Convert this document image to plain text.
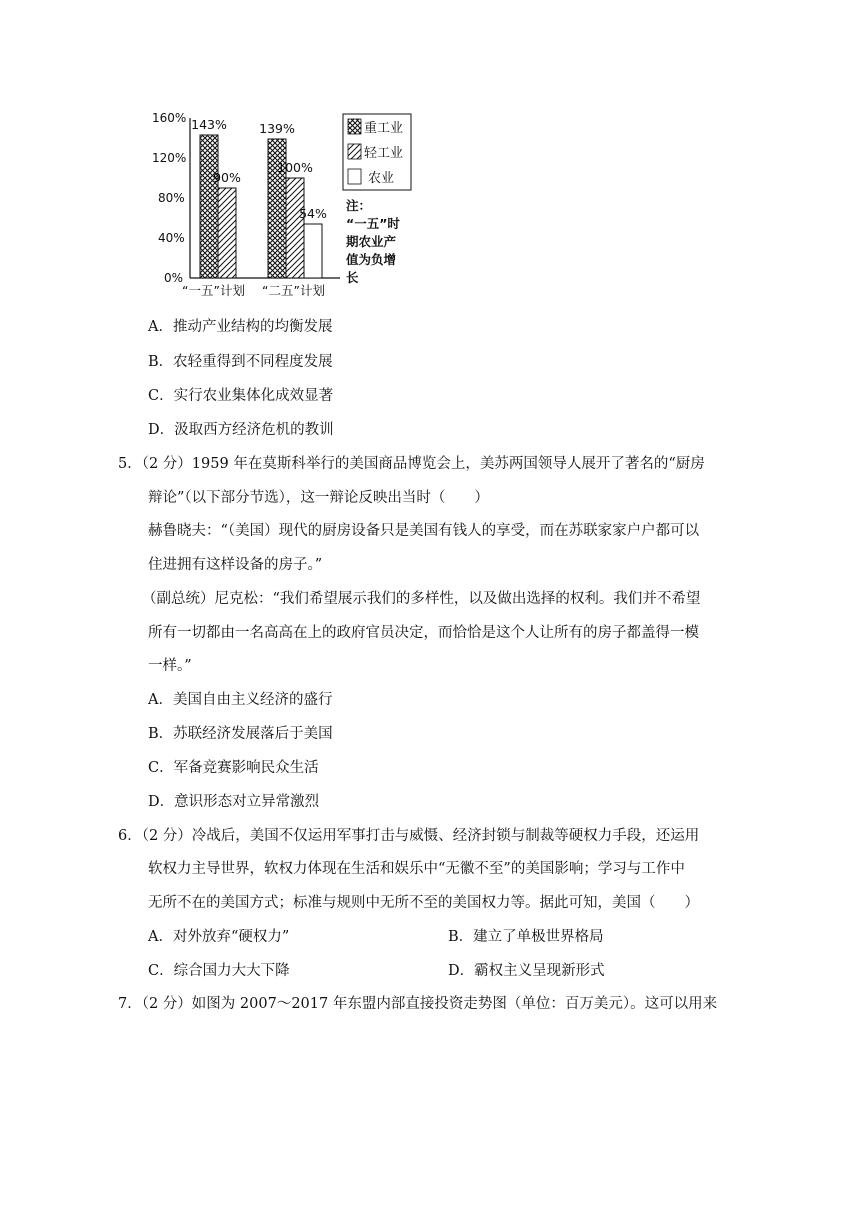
160%
120%
80%
40%
0%
143%
90%
139%
100%
54%
“一五”计划 “二五”计划
重工业
轻工业
农业
注：
“一五”时
期农业产
值为负增
长
A．推动产业结构的均衡发展
B．农轻重得到不同程度发展
C．实行农业集体化成效显著
D．汲取西方经济危机的教训
5．（2 分）1959 年在莫斯科举行的美国商品博览会上，美苏两国领导人展开了著名的“厨房
辩论”（以下部分节选），这一辩论反映出当时（　　）
赫鲁晓夫：“（美国）现代的厨房设备只是美国有钱人的享受，而在苏联家家户户都可以
住进拥有这样设备的房子。”
（副总统）尼克松：“我们希望展示我们的多样性，以及做出选择的权利。我们并不希望
所有一切都由一名高高在上的政府官员决定，而恰恰是这个人让所有的房子都盖得一模
一样。”
A．美国自由主义经济的盛行
B．苏联经济发展落后于美国
C．军备竞赛影响民众生活
D．意识形态对立异常激烈
6．（2 分）冷战后，美国不仅运用军事打击与威慑、经济封锁与制裁等硬权力手段，还运用
软权力主导世界，软权力体现在生活和娱乐中“无徽不至”的美国影响；学习与工作中
无所不在的美国方式；标准与规则中无所不至的美国权力等。据此可知，美国（　　）
A．对外放弃“硬权力”	B．建立了单极世界格局
C．综合国力大大下降	D．霸权主义呈现新形式
7．（2 分）如图为 2007～2017 年东盟内部直接投资走势图（单位：百万美元）。这可以用来
